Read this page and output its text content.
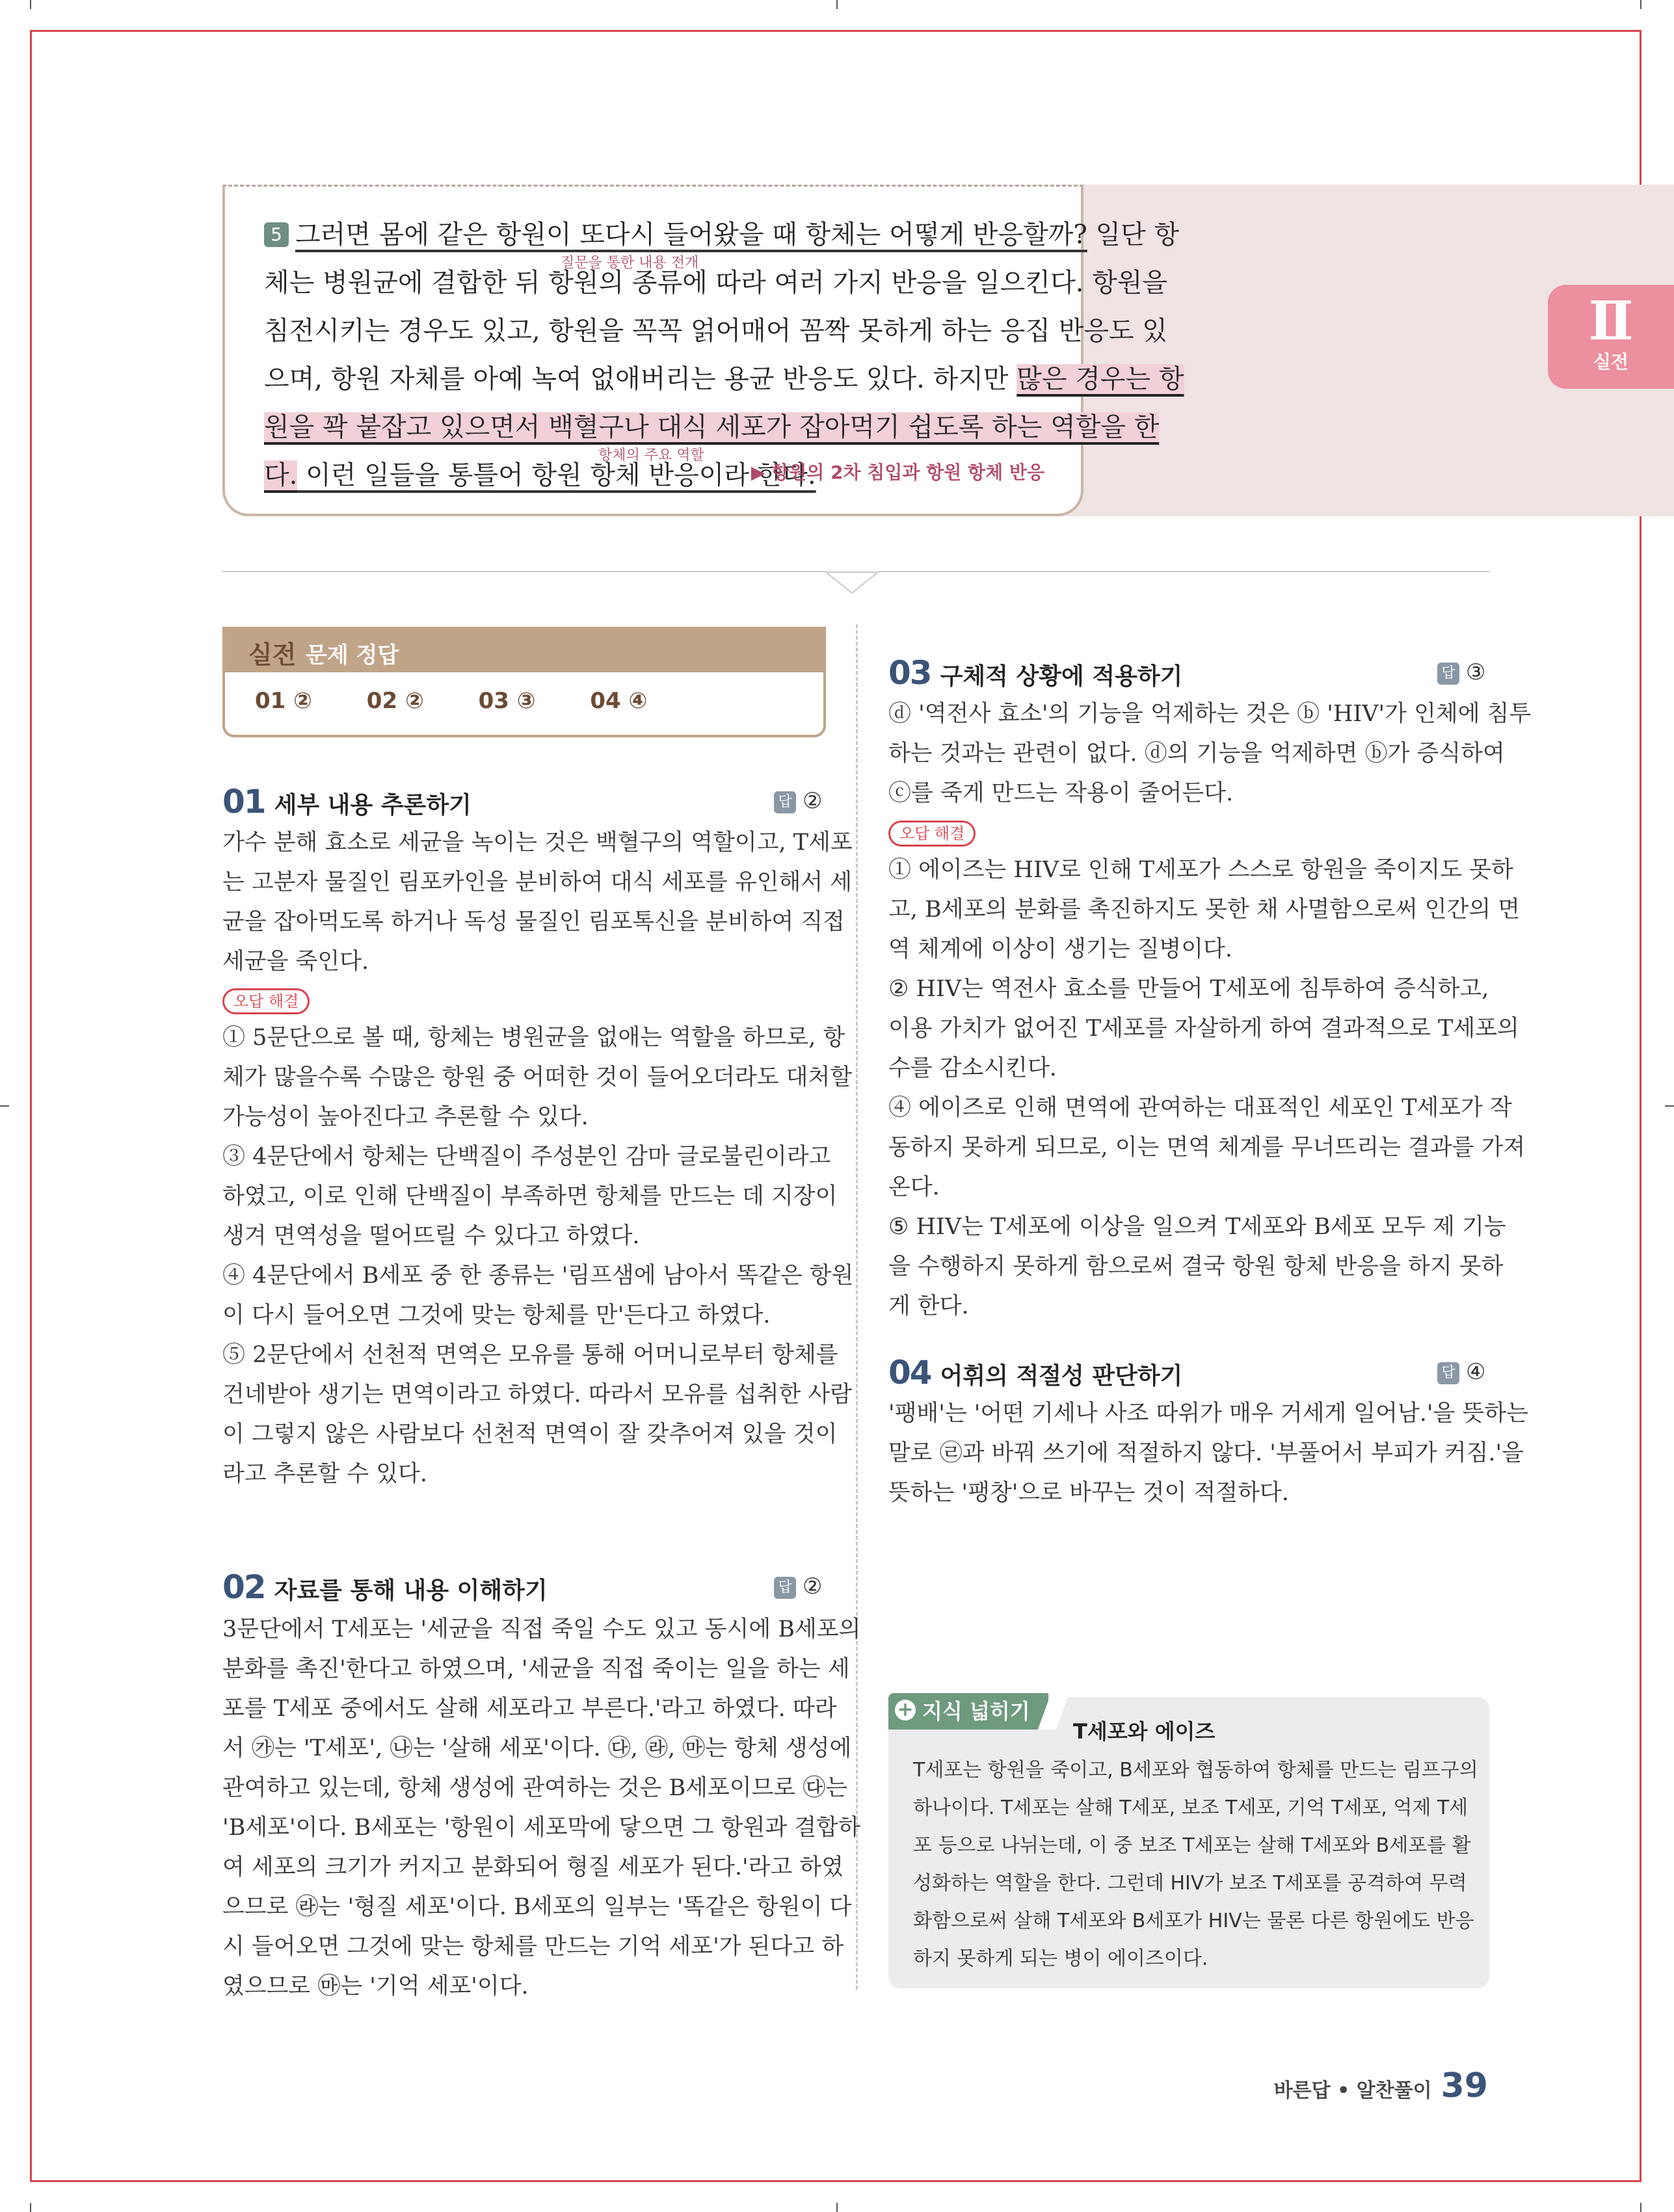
Ⅱ
실전
5 그러면 몸에 같은 항원이 또다시 들어왔을 때 항체는 어떻게 반응할까? 일단 항
질문을 통한 내용 전개
체는 병원균에 결합한 뒤 항원의 종류에 따라 여러 가지 반응을 일으킨다. 항원을
침전시키는 경우도 있고, 항원을 꼭꼭 얽어매어 꼼짝 못하게 하는 응집 반응도 있
으며, 항원 자체를 아예 녹여 없애버리는 용균 반응도 있다. 하지만 많은 경우는 항
원을 꽉 붙잡고 있으면서 백혈구나 대식 세포가 잡아먹기 쉽도록 하는 역할을 한
항체의 주요 역할
다. 이런 일들을 통틀어 항원 항체 반응이라 한다.
▶ 항원의 2차 침입과 항원 항체 반응
실전 문제 정답
01 ② 02 ② 03 ③ 04 ④
01 세부 내용 추론하기	답 ②
가수 분해 효소로 세균을 녹이는 것은 백혈구의 역할이고, T세포
는 고분자 물질인 림포카인을 분비하여 대식 세포를 유인해서 세
균을 잡아먹도록 하거나 독성 물질인 림포톡신을 분비하여 직접
세균을 죽인다.
오답 해결
① 5문단으로 볼 때, 항체는 병원균을 없애는 역할을 하므로, 항
체가 많을수록 수많은 항원 중 어떠한 것이 들어오더라도 대처할
가능성이 높아진다고 추론할 수 있다.
③ 4문단에서 항체는 단백질이 주성분인 감마 글로불린이라고
하였고, 이로 인해 단백질이 부족하면 항체를 만드는 데 지장이
생겨 면역성을 떨어뜨릴 수 있다고 하였다.
④ 4문단에서 B세포 중 한 종류는 '림프샘에 남아서 똑같은 항원
이 다시 들어오면 그것에 맞는 항체를 만'든다고 하였다.
⑤ 2문단에서 선천적 면역은 모유를 통해 어머니로부터 항체를
건네받아 생기는 면역이라고 하였다. 따라서 모유를 섭취한 사람
이 그렇지 않은 사람보다 선천적 면역이 잘 갖추어져 있을 것이
라고 추론할 수 있다.
02 자료를 통해 내용 이해하기	답 ②
3문단에서 T세포는 '세균을 직접 죽일 수도 있고 동시에 B세포의
분화를 촉진'한다고 하였으며, '세균을 직접 죽이는 일을 하는 세
포를 T세포 중에서도 살해 세포라고 부른다.'라고 하였다. 따라
서 ㉮는 'T세포', ㉯는 '살해 세포'이다. ㉰, ㉱, ㉲는 항체 생성에
관여하고 있는데, 항체 생성에 관여하는 것은 B세포이므로 ㉰는
'B세포'이다. B세포는 '항원이 세포막에 닿으면 그 항원과 결합하
여 세포의 크기가 커지고 분화되어 형질 세포가 된다.'라고 하였
으므로 ㉱는 '형질 세포'이다. B세포의 일부는 '똑같은 항원이 다
시 들어오면 그것에 맞는 항체를 만드는 기억 세포'가 된다고 하
였으므로 ㉲는 '기억 세포'이다.
03 구체적 상황에 적용하기	답 ③
ⓓ '역전사 효소'의 기능을 억제하는 것은 ⓑ 'HIV'가 인체에 침투
하는 것과는 관련이 없다. ⓓ의 기능을 억제하면 ⓑ가 증식하여
ⓒ를 죽게 만드는 작용이 줄어든다.
오답 해결
① 에이즈는 HIV로 인해 T세포가 스스로 항원을 죽이지도 못하
고, B세포의 분화를 촉진하지도 못한 채 사멸함으로써 인간의 면
역 체계에 이상이 생기는 질병이다.
② HIV는 역전사 효소를 만들어 T세포에 침투하여 증식하고,
이용 가치가 없어진 T세포를 자살하게 하여 결과적으로 T세포의
수를 감소시킨다.
④ 에이즈로 인해 면역에 관여하는 대표적인 세포인 T세포가 작
동하지 못하게 되므로, 이는 면역 체계를 무너뜨리는 결과를 가져
온다.
⑤ HIV는 T세포에 이상을 일으켜 T세포와 B세포 모두 제 기능
을 수행하지 못하게 함으로써 결국 항원 항체 반응을 하지 못하
게 한다.
04 어휘의 적절성 판단하기	답 ④
'팽배'는 '어떤 기세나 사조 따위가 매우 거세게 일어남.'을 뜻하는
말로 ㉣과 바꿔 쓰기에 적절하지 않다. '부풀어서 부피가 커짐.'을
뜻하는 '팽창'으로 바꾸는 것이 적절하다.
지식 넓히기
+
T세포와 에이즈
T세포는 항원을 죽이고, B세포와 협동하여 항체를 만드는 림프구의
하나이다. T세포는 살해 T세포, 보조 T세포, 기억 T세포, 억제 T세
포 등으로 나뉘는데, 이 중 보조 T세포는 살해 T세포와 B세포를 활
성화하는 역할을 한다. 그런데 HIV가 보조 T세포를 공격하여 무력
화함으로써 살해 T세포와 B세포가 HIV는 물론 다른 항원에도 반응
하지 못하게 되는 병이 에이즈이다.
바른답 • 알찬풀이 39
